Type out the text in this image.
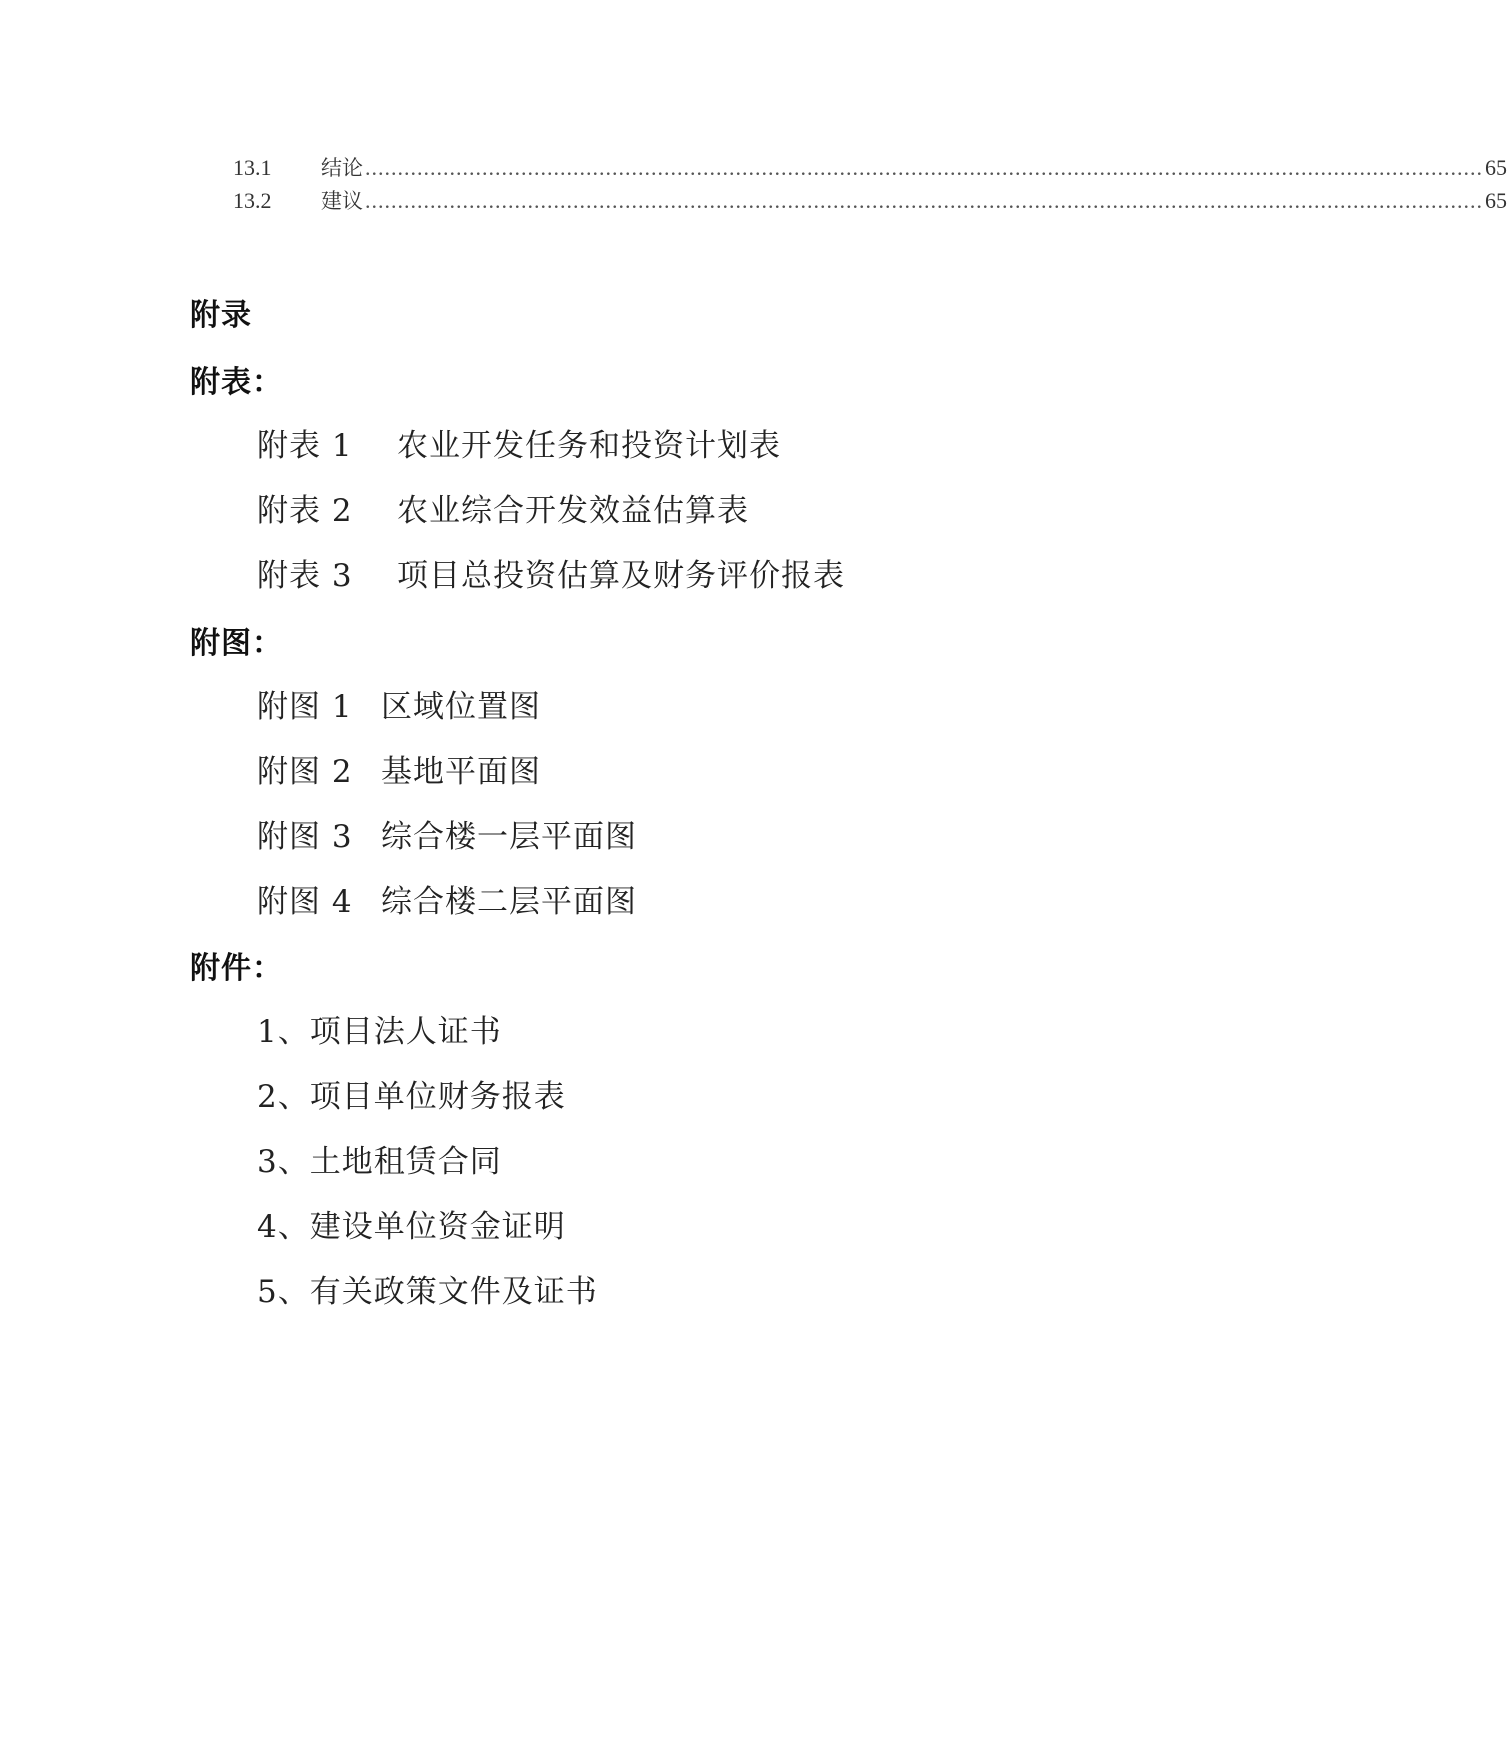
13.1	结论 ............................................................................................................................................................................ 65
13.2	建议 ............................................................................................................................................................................ 65
附录
附表：
附表 1 农业开发任务和投资计划表
附表 2 农业综合开发效益估算表
附表 3 项目总投资估算及财务评价报表
附图：
附图 1 区域位置图
附图 2 基地平面图
附图 3 综合楼一层平面图
附图 4 综合楼二层平面图
附件：
1、项目法人证书
2、项目单位财务报表
3、土地租赁合同
4、建设单位资金证明
5、有关政策文件及证书
